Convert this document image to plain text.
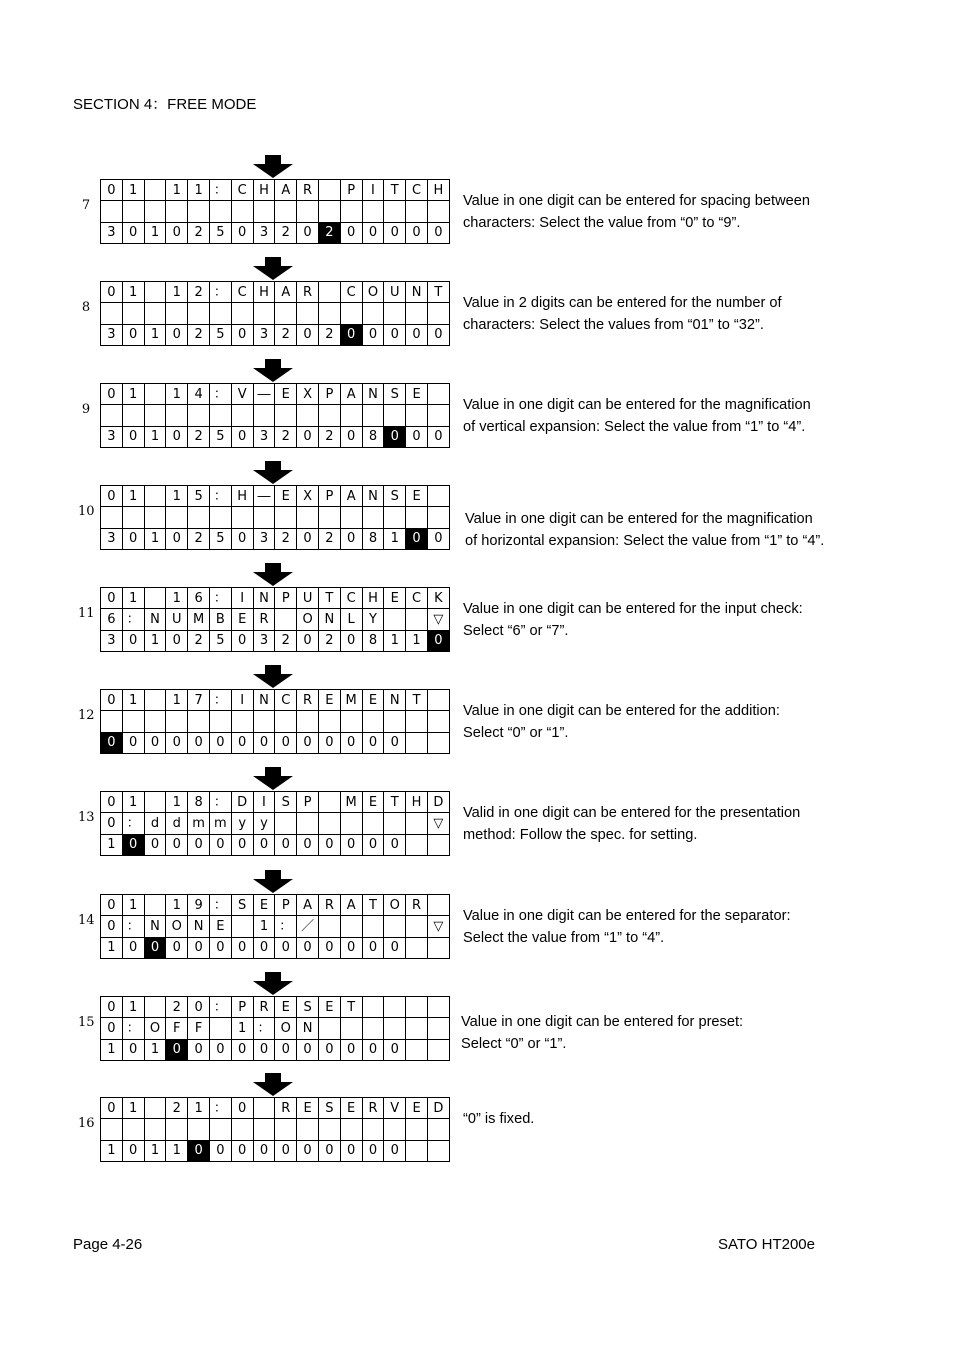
SECTION 4：FREE MODE
7
0	1		1	1	：	C	H	A	R		P	I	T	C	H

3	0	1	0	2	5	0	3	2	0	2	0	0	0	0	0
Value in one digit can be entered for spacing between
characters: Select the value from “0” to “9”.
8
0	1		1	2	：	C	H	A	R		C	O	U	N	T

3	0	1	0	2	5	0	3	2	0	2	0	0	0	0	0
Value in 2 digits can be entered for the number of
characters: Select the values from “01” to “32”.
9
0	1		1	4	：	V	―	E	X	P	A	N	S	E	

3	0	1	0	2	5	0	3	2	0	2	0	8	0	0	0
Value in one digit can be entered for the magnification
of vertical expansion: Select the value from “1” to “4”.
10
0	1		1	5	：	H	―	E	X	P	A	N	S	E	

3	0	1	0	2	5	0	3	2	0	2	0	8	1	0	0
Value in one digit can be entered for the magnification
of horizontal expansion: Select the value from “1” to “4”.
11
0	1		1	6	：	I	N	P	U	T	C	H	E	C	K
6	：	N	U	M	B	E	R		O	N	L	Y			▽
3	0	1	0	2	5	0	3	2	0	2	0	8	1	1	0
Value in one digit can be entered for the input check:
Select “6” or “7”.
12
0	1		1	7	：	I	N	C	R	E	M	E	N	T	

0	0	0	0	0	0	0	0	0	0	0	0	0	0		
Value in one digit can be entered for the addition:
Select “0” or “1”.
13
0	1		1	8	：	D	I	S	P		M	E	T	H	D
0	：	d	d	m	m	y	y								▽
1	0	0	0	0	0	0	0	0	0	0	0	0	0		
Valid in one digit can be entered for the presentation
method: Follow the spec. for setting.
14
0	1		1	9	：	S	E	P	A	R	A	T	O	R	
0	：	N	O	N	E		1	：	／						▽
1	0	0	0	0	0	0	0	0	0	0	0	0	0		
Value in one digit can be entered for the separator:
Select the value from “1” to “4”.
15
0	1		2	0	：	P	R	E	S	E	T				
0	：	O	F	F		1	：	O	N						
1	0	1	0	0	0	0	0	0	0	0	0	0	0		
Value in one digit can be entered for preset:
Select “0” or “1”.
16
0	1		2	1	：	0		R	E	S	E	R	V	E	D

1	0	1	1	0	0	0	0	0	0	0	0	0	0		
“0” is fixed.
Page 4-26	SATO HT200e
